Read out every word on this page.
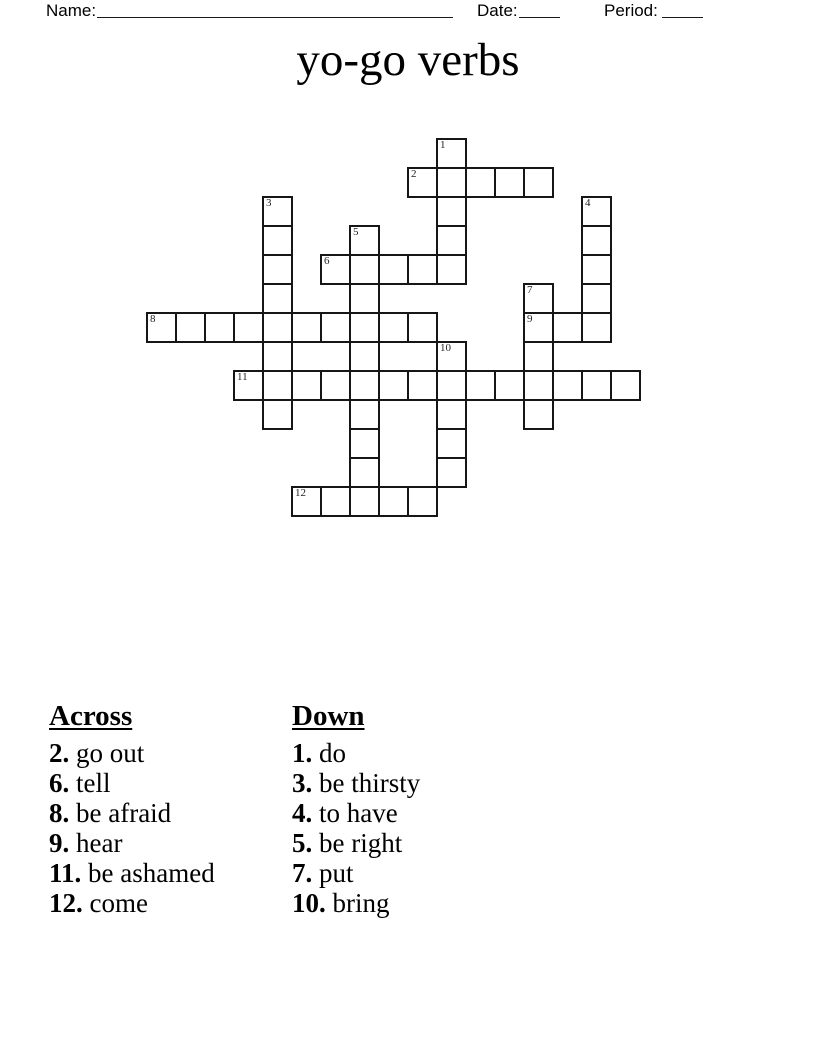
Name:	Date:	Period:
yo-go verbs
1
2
3	4
5
6
7
8	9
10
11
12
Across
2. go out
6. tell
8. be afraid
9. hear
11. be ashamed
12. come
Down
1. do
3. be thirsty
4. to have
5. be right
7. put
10. bring
